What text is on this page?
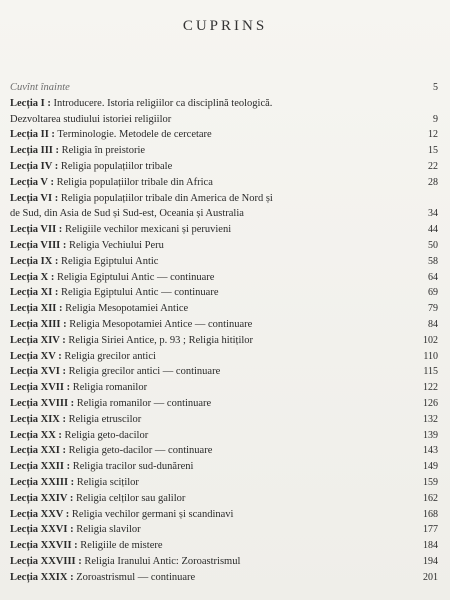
CUPRINS
Cuvînt înainte	5
Lecția I : Introducere. Istoria religiilor ca disciplină teologică.
Dezvoltarea studiului istoriei religiilor	9
Lecția II : Terminologie. Metodele de cercetare	12
Lecția III : Religia în preistorie	15
Lecția IV : Religia populațiilor tribale	22
Lecția V : Religia populațiilor tribale din Africa	28
Lecția VI : Religia populațiilor tribale din America de Nord și
de Sud, din Asia de Sud și Sud-est, Oceania și Australia	34
Lecția VII : Religiile vechilor mexicani și peruvieni	44
Lecția VIII : Religia Vechiului Peru	50
Lecția IX : Religia Egiptului Antic	58
Lecția X : Religia Egiptului Antic — continuare	64
Lecția XI : Religia Egiptului Antic — continuare	69
Lecția XII : Religia Mesopotamiei Antice	79
Lecția XIII : Religia Mesopotamiei Antice — continuare	84
Lecția XIV : Religia Siriei Antice, p. 93 ; Religia hitiților	102
Lecția XV : Religia grecilor antici	110
Lecția XVI : Religia grecilor antici — continuare	115
Lecția XVII : Religia romanilor	122
Lecția XVIII : Religia romanilor — continuare	126
Lecția XIX : Religia etruscilor	132
Lecția XX : Religia geto-dacilor	139
Lecția XXI : Religia geto-dacilor — continuare	143
Lecția XXII : Religia tracilor sud-dunăreni	149
Lecția XXIII : Religia sciților	159
Lecția XXIV : Religia celților sau galilor	162
Lecția XXV : Religia vechilor germani și scandinavi	168
Lecția XXVI : Religia slavilor	177
Lecția XXVII : Religiile de mistere	184
Lecția XXVIII : Religia Iranului Antic: Zoroastrismul	194
Lecția XXIX : Zoroastrismul — continuare	201
